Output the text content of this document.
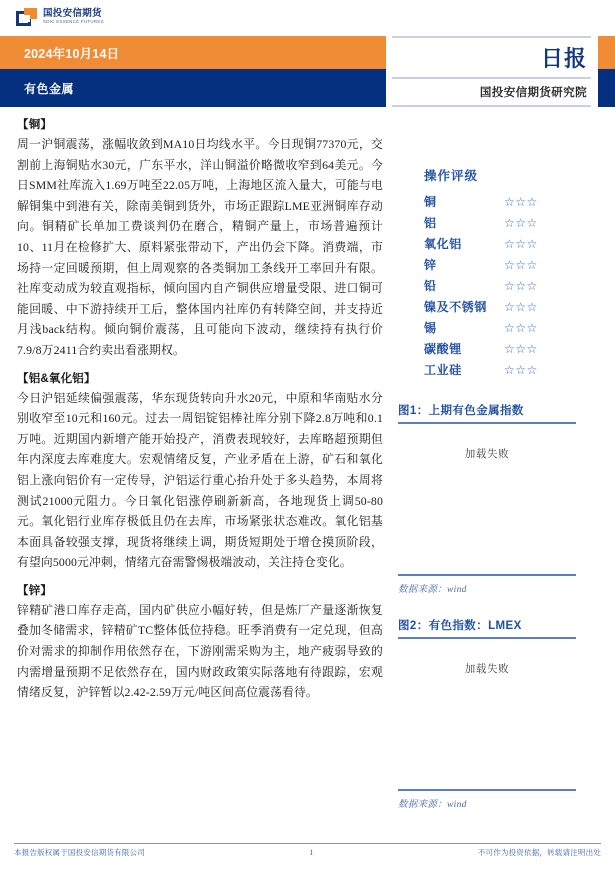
国投安信期货
SDIC ESSENCE FUTURES
2024年10月14日
有色金属
日报
国投安信期货研究院
【铜】
周一沪铜震荡，涨幅收敛到MA10日均线水平。今日现铜77370元，交割前上海铜贴水30元，广东平水，洋山铜溢价略微收窄到64美元。今日SMM社库流入1.69万吨至22.05万吨，上海地区流入量大，可能与电解铜集中到港有关，除南美铜到货外，市场正跟踪LME亚洲铜库存动向。铜精矿长单加工费谈判仍在磨合，精铜产量上，市场普遍预计10、11月在检修扩大、原料紧张带动下，产出仍会下降。消费端，市场持一定回暖预期，但上周观察的各类铜加工条线开工率回升有限。社库变动成为较直观指标，倾向国内自产铜供应增量受限、进口铜可能回暖、中下游持续开工后，整体国内社库仍有转降空间，并支持近月浅back结构。倾向铜价震荡，且可能向下波动，继续持有执行价7.9/8万2411合约卖出看涨期权。
【铝&氧化铝】
今日沪铝延续偏强震荡，华东现货转向升水20元，中原和华南贴水分别收窄至10元和160元。过去一周铝锭铝棒社库分别下降2.8万吨和0.1万吨。近期国内新增产能开始投产，消费表现较好，去库略超预期但年内深度去库难度大。宏观情绪反复，产业矛盾在上游，矿石和氧化铝上涨向铝价有一定传导，沪铝运行重心抬升处于多头趋势，本周将测试21000元阻力。今日氧化铝涨停刷新新高，各地现货上调50-80元。氧化铝行业库存极低且仍在去库，市场紧张状态难改。氧化铝基本面具备较强支撑，现货将继续上调，期货短期处于增仓摸顶阶段，有望向5000元冲刺，情绪亢奋需警惕极端波动，关注持仓变化。
【锌】
锌精矿港口库存走高，国内矿供应小幅好转，但是炼厂产量逐渐恢复叠加冬储需求，锌精矿TC整体低位持稳。旺季消费有一定兑现，但高价对需求的抑制作用依然存在，下游刚需采购为主，地产疲弱导致的内需增量预期不足依然存在，国内财政政策实际落地有待跟踪，宏观情绪反复，沪锌暂以2.42-2.59万元/吨区间高位震荡看待。
操作评级
铜	☆☆☆
铝	☆☆☆
氧化铝	☆☆☆
锌	☆☆☆
铅	☆☆☆
镍及不锈钢	☆☆☆
锡	☆☆☆
碳酸锂	☆☆☆
工业硅	☆☆☆
图1：上期有色金属指数
加载失败
数据来源：wind
图2：有色指数：LMEX
加载失败
数据来源：wind
本报告版权属于国投安信期货有限公司	1	不可作为投资依据，转载请注明出处
